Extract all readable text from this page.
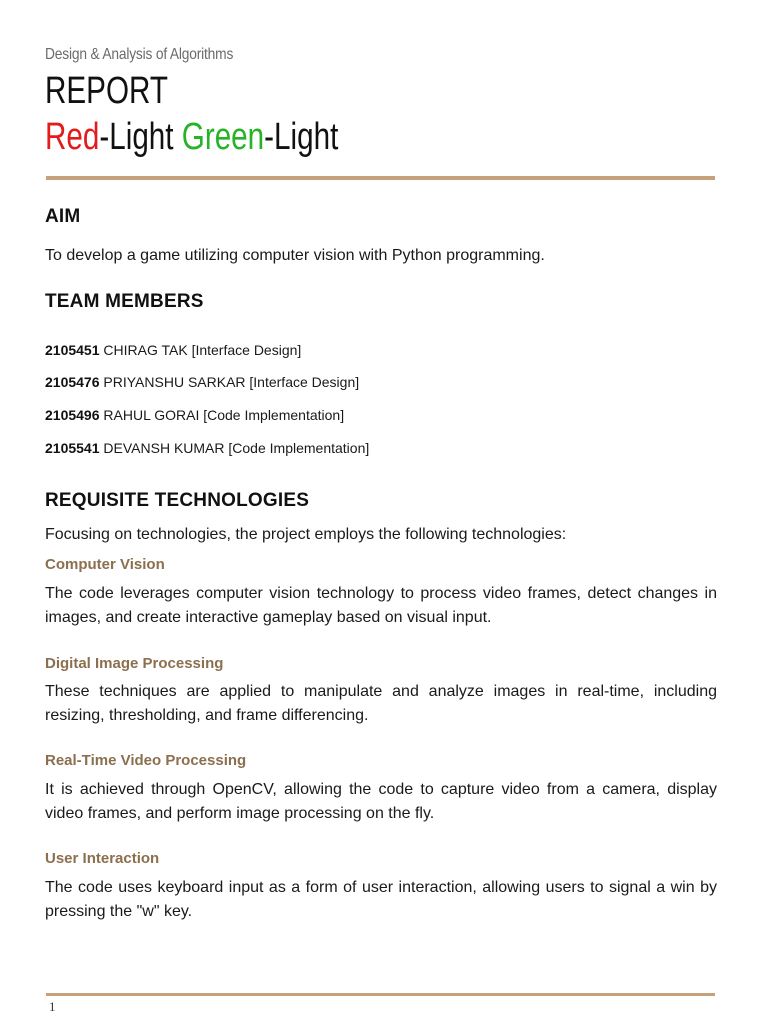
Design & Analysis of Algorithms
REPORT
Red-Light Green-Light
AIM
To develop a game utilizing computer vision with Python programming.
TEAM MEMBERS
2105451 CHIRAG TAK [Interface Design]
2105476 PRIYANSHU SARKAR [Interface Design]
2105496 RAHUL GORAI [Code Implementation]
2105541 DEVANSH KUMAR [Code Implementation]
REQUISITE TECHNOLOGIES
Focusing on technologies, the project employs the following technologies:
Computer Vision
The code leverages computer vision technology to process video frames, detect changes in images, and create interactive gameplay based on visual input.
Digital Image Processing
These techniques are applied to manipulate and analyze images in real-time, including resizing, thresholding, and frame differencing.
Real-Time Video Processing
It is achieved through OpenCV, allowing the code to capture video from a camera, display video frames, and perform image processing on the fly.
User Interaction
The code uses keyboard input as a form of user interaction, allowing users to signal a win by pressing the "w" key.
1
